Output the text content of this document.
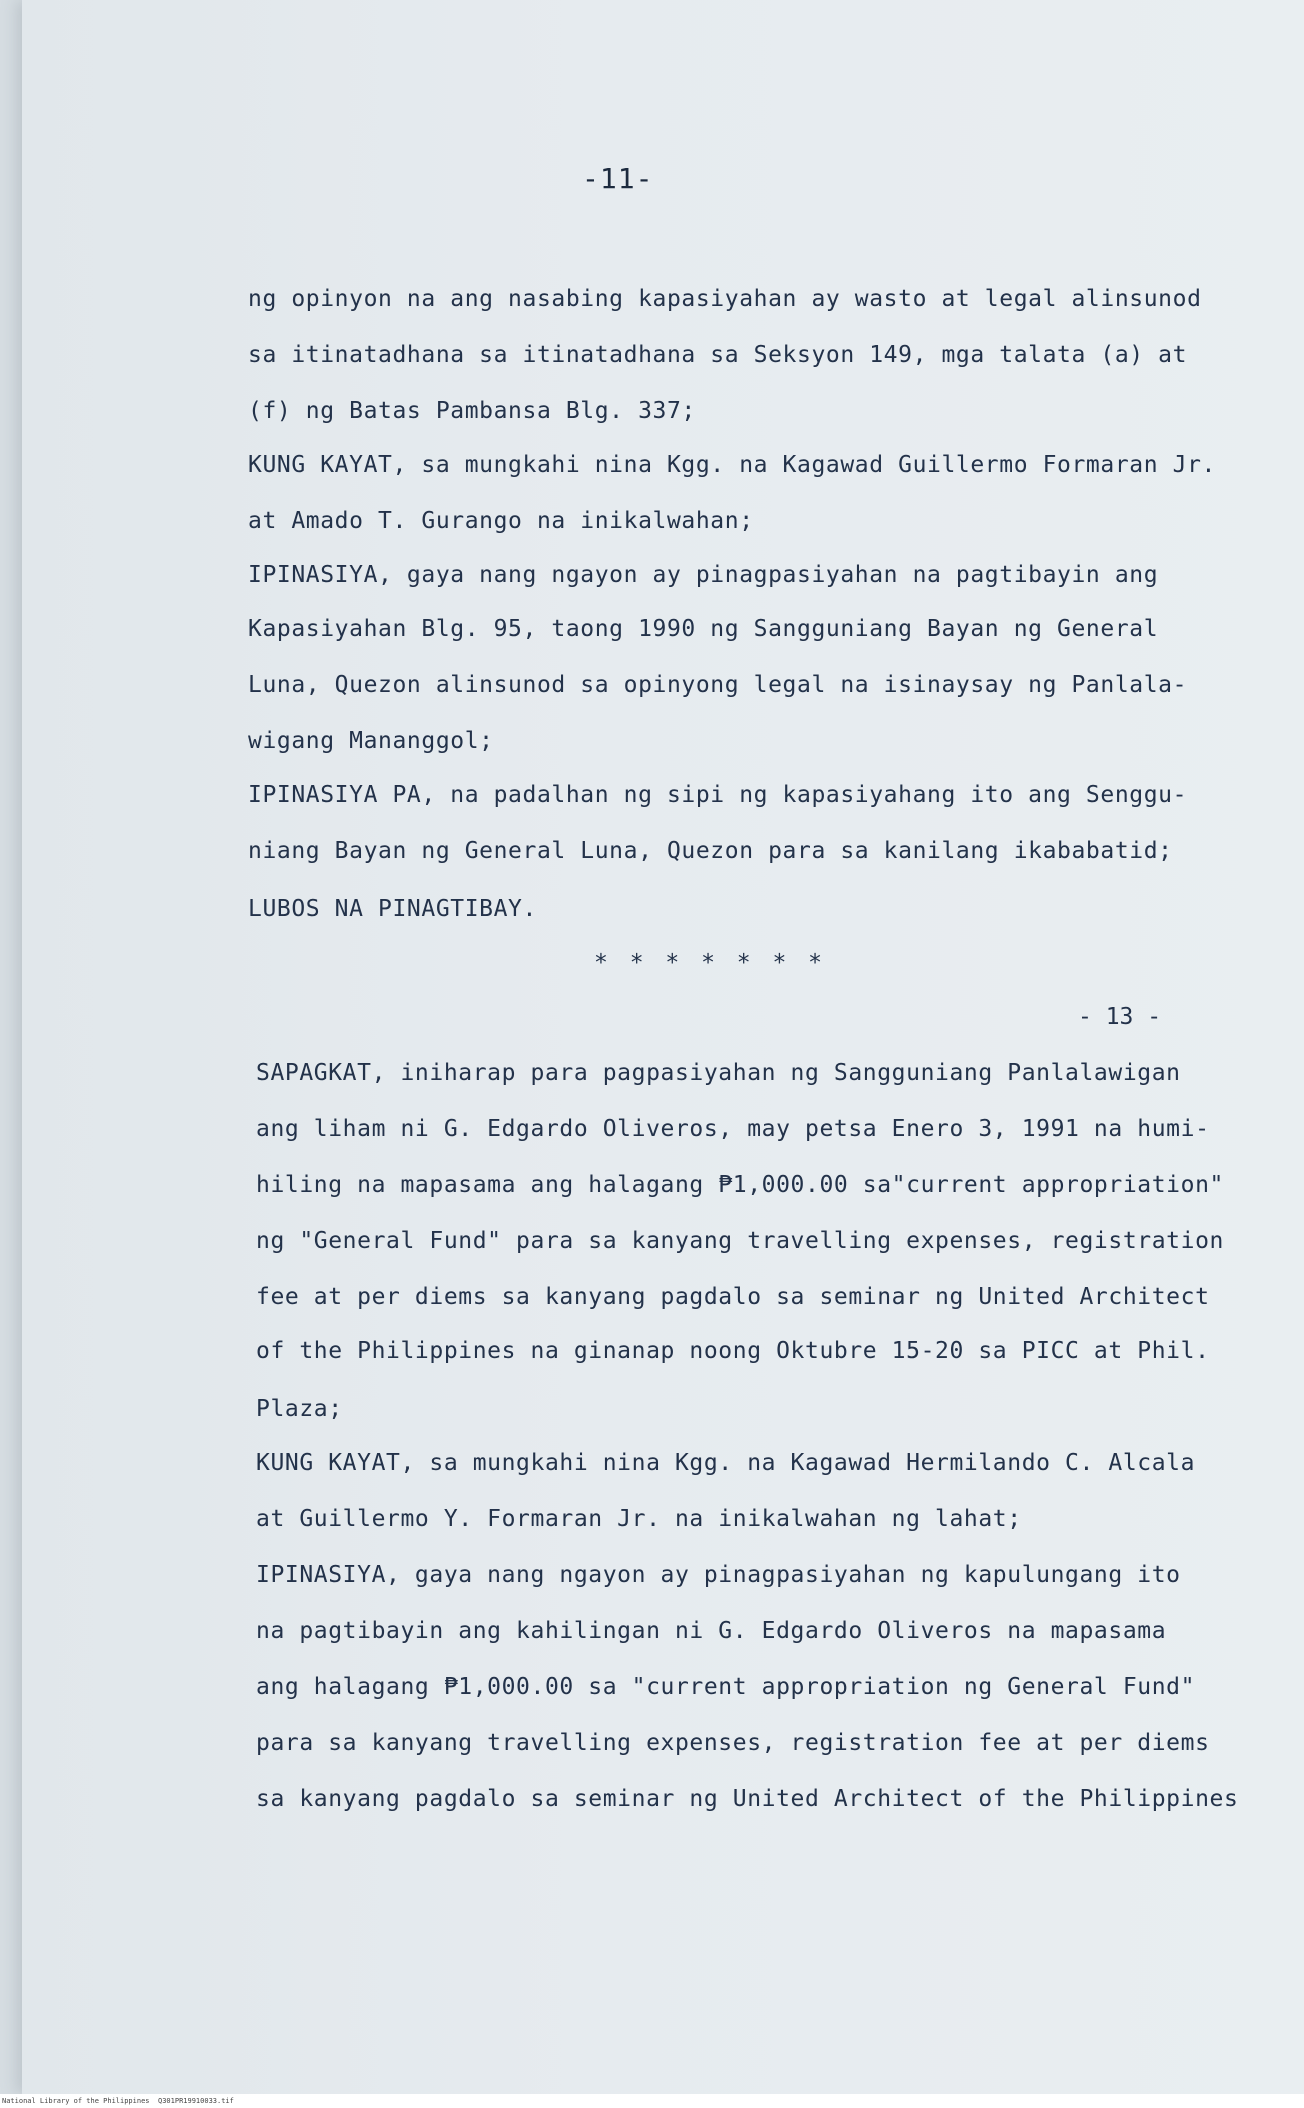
-11-
ng opinyon na ang nasabing kapasiyahan ay wasto at legal alinsunod
sa itinatadhana sa itinatadhana sa Seksyon 149, mga talata (a) at
(f) ng Batas Pambansa Blg. 337;
KUNG KAYAT, sa mungkahi nina Kgg. na Kagawad Guillermo Formaran Jr.
at Amado T. Gurango na inikalwahan;
IPINASIYA, gaya nang ngayon ay pinagpasiyahan na pagtibayin ang
Kapasiyahan Blg. 95, taong 1990 ng Sangguniang Bayan ng General
Luna, Quezon alinsunod sa opinyong legal na isinaysay ng Panlala-
wigang Mananggol;
IPINASIYA PA, na padalhan ng sipi ng kapasiyahang ito ang Senggu-
niang Bayan ng General Luna, Quezon para sa kanilang ikababatid;
LUBOS NA PINAGTIBAY.
* * * * * * *
- 13 -
SAPAGKAT, iniharap para pagpasiyahan ng Sangguniang Panlalawigan
ang liham ni G. Edgardo Oliveros, may petsa Enero 3, 1991 na humi-
hiling na mapasama ang halagang ₱1,000.00 sa"current appropriation"
ng "General Fund" para sa kanyang travelling expenses, registration
fee at per diems sa kanyang pagdalo sa seminar ng United Architect
of the Philippines na ginanap noong Oktubre 15-20 sa PICC at Phil.
Plaza;
KUNG KAYAT, sa mungkahi nina Kgg. na Kagawad Hermilando C. Alcala
at Guillermo Y. Formaran Jr. na inikalwahan ng lahat;
IPINASIYA, gaya nang ngayon ay pinagpasiyahan ng kapulungang ito
na pagtibayin ang kahilingan ni G. Edgardo Oliveros na mapasama
ang halagang ₱1,000.00 sa "current appropriation ng General Fund"
para sa kanyang travelling expenses, registration fee at per diems
sa kanyang pagdalo sa seminar ng United Architect of the Philippines
National Library of the Philippines Q301PR19910033.tif
